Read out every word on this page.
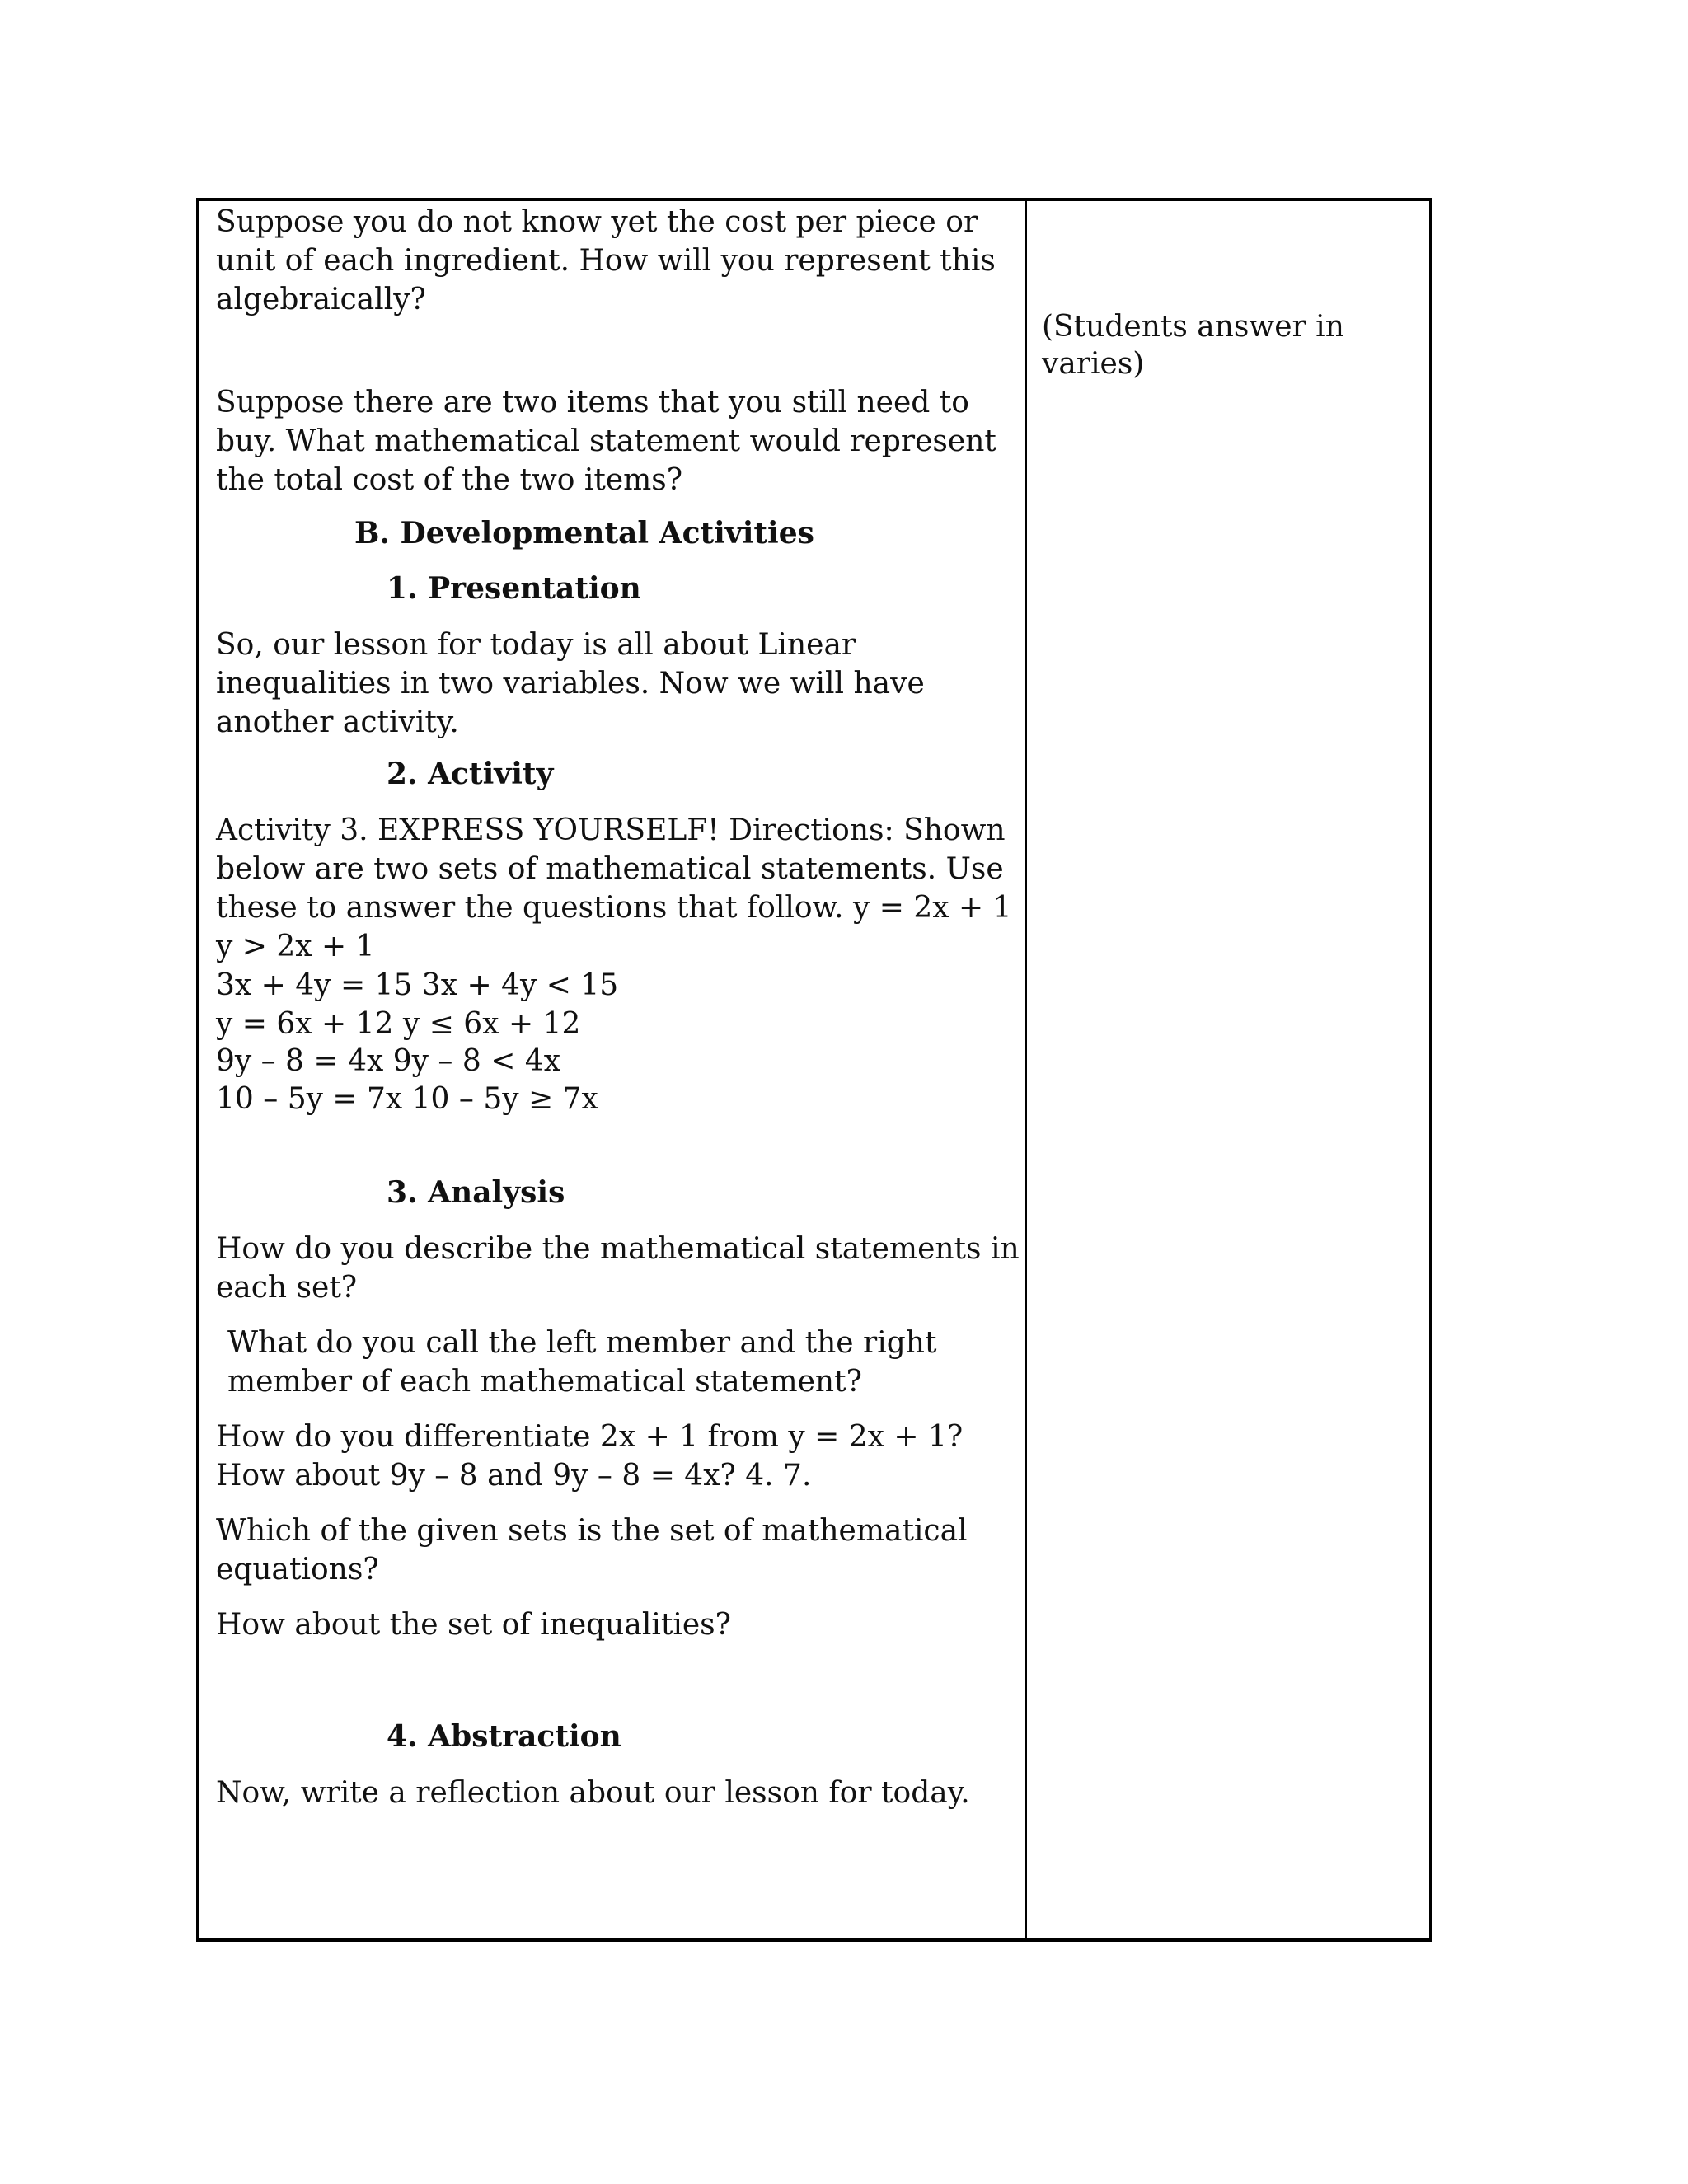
Suppose you do not know yet the cost per piece or unit of each ingredient. How will you represent this algebraically?

Suppose there are two items that you still need to buy. What mathematical statement would represent the total cost of the two items?

B. Developmental Activities

1. Presentation

So, our lesson for today is all about Linear inequalities in two variables. Now we will have another activity.

2. Activity

Activity 3. EXPRESS YOURSELF! Directions: Shown below are two sets of mathematical statements. Use these to answer the questions that follow. y = 2x + 1 y > 2x + 1

3x + 4y = 15 3x + 4y < 15

y = 6x + 12 y ≤ 6x + 12

9y – 8 = 4x 9y – 8 < 4x

10 – 5y = 7x 10 – 5y ≥ 7x

3. Analysis

How do you describe the mathematical statements in each set?

What do you call the left member and the right member of each mathematical statement?

How do you differentiate 2x + 1 from y = 2x + 1? How about 9y – 8 and 9y – 8 = 4x? 4. 7.

Which of the given sets is the set of mathematical equations?

How about the set of inequalities?

4. Abstraction

Now, write a reflection about our lesson for today.

(Students answer in varies)
